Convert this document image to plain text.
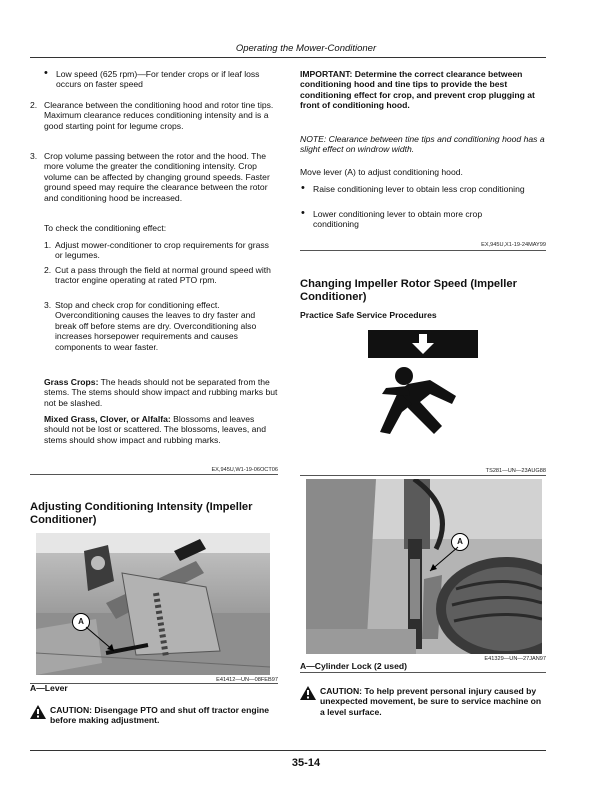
Operating the Mower-Conditioner
• Low speed (625 rpm)—For tender crops or if leaf loss occurs on faster speed
2. Clearance between the conditioning hood and rotor tine tips. Maximum clearance reduces conditioning intensity and is a good starting point for legume crops.
3. Crop volume passing between the rotor and the hood. The more volume the greater the conditioning intensity. Crop volume can be affected by changing ground speeds. Faster ground speed may require the clearance between the rotor and conditioning hood be increased.
To check the conditioning effect:
1. Adjust mower-conditioner to crop requirements for grass or legumes.
2. Cut a pass through the field at normal ground speed with tractor engine operating at rated PTO rpm.
3. Stop and check crop for conditioning effect. Overconditioning causes the leaves to dry faster and break off before stems are dry. Overconditioning also increases horsepower requirements and causes components to wear faster.
Grass Crops: The heads should not be separated from the stems. The stems should show impact and rubbing marks but not be slashed.
Mixed Grass, Clover, or Alfalfa: Blossoms and leaves should not be lost or scattered. The blossoms, leaves, and stems should show impact and rubbing marks.
EX,945U,W1-19-06OCT06
Adjusting Conditioning Intensity (Impeller Conditioner)
A
E41412—UN—08FEB97
A—Lever
CAUTION: Disengage PTO and shut off tractor engine before making adjustment.
IMPORTANT: Determine the correct clearance between conditioning hood and tine tips to provide the best conditioning effect for crop, and prevent crop plugging at front of conditioning hood.
NOTE: Clearance between tine tips and conditioning hood has a slight effect on windrow width.
Move lever (A) to adjust conditioning hood.
• Raise conditioning lever to obtain less crop conditioning
• Lower conditioning lever to obtain more crop conditioning
EX,945U,X1-19-24MAY99
Changing Impeller Rotor Speed (Impeller Conditioner)
Practice Safe Service Procedures
TS281—UN—23AUG88
A
E41329—UN—27JAN97
A—Cylinder Lock (2 used)
CAUTION: To help prevent personal injury caused by unexpected movement, be sure to service machine on a level surface.
35-14
